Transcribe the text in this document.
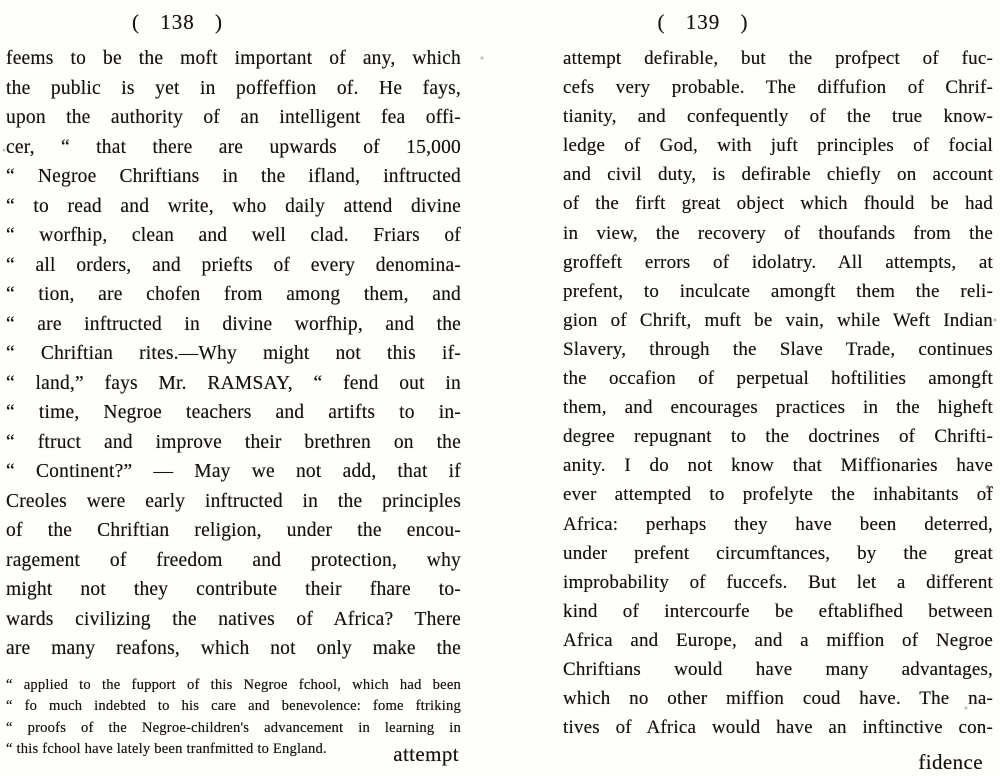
( 138 )
feems to be the moft important of any, which
the public is yet in poffeffion of. He fays,
upon the authority of an intelligent fea offi-
cer, “ that there are upwards of 15,000
“ Negroe Chriftians in the ifland, inftructed
“ to read and write, who daily attend divine
“ worfhip, clean and well clad. Friars of
“ all orders, and priefts of every denomina-
“ tion, are chofen from among them, and
“ are inftructed in divine worfhip, and the
“ Chriftian rites.—Why might not this if-
“ land,” fays Mr. RAMSAY, “ fend out in
“ time, Negroe teachers and artifts to in-
“ ftruct and improve their brethren on the
“ Continent?” — May we not add, that if
Creoles were early inftructed in the principles
of the Chriftian religion, under the encou-
ragement of freedom and protection, why
might not they contribute their fhare to-
wards civilizing the natives of Africa? There
are many reafons, which not only make the
“ applied to the fupport of this Negroe fchool, which had been
“ fo much indebted to his care and benevolence: fome ftriking
“ proofs of the Negroe-children's advancement in learning in
“ this fchool have lately been tranfmitted to England.	attempt
( 139 )
attempt defirable, but the profpect of fuc-
cefs very probable. The diffufion of Chrif-
tianity, and confequently of the true know-
ledge of God, with juft principles of focial
and civil duty, is defirable chiefly on account
of the firft great object which fhould be had
in view, the recovery of thoufands from the
groffeft errors of idolatry. All attempts, at
prefent, to inculcate amongft them the reli-
gion of Chrift, muft be vain, while Weft Indian
Slavery, through the Slave Trade, continues
the occafion of perpetual hoftilities amongft
them, and encourages practices in the higheft
degree repugnant to the doctrines of Chrifti-
anity. I do not know that Miffionaries have
ever attempted to profelyte the inhabitants of
Africa: perhaps they have been deterred,
under prefent circumftances, by the great
improbability of fuccefs. But let a different
kind of intercourfe be eftablifhed between
Africa and Europe, and a miffion of Negroe
Chriftians would have many advantages,
which no other miffion coud have. The na-
tives of Africa would have an inftinctive con-
fidence
